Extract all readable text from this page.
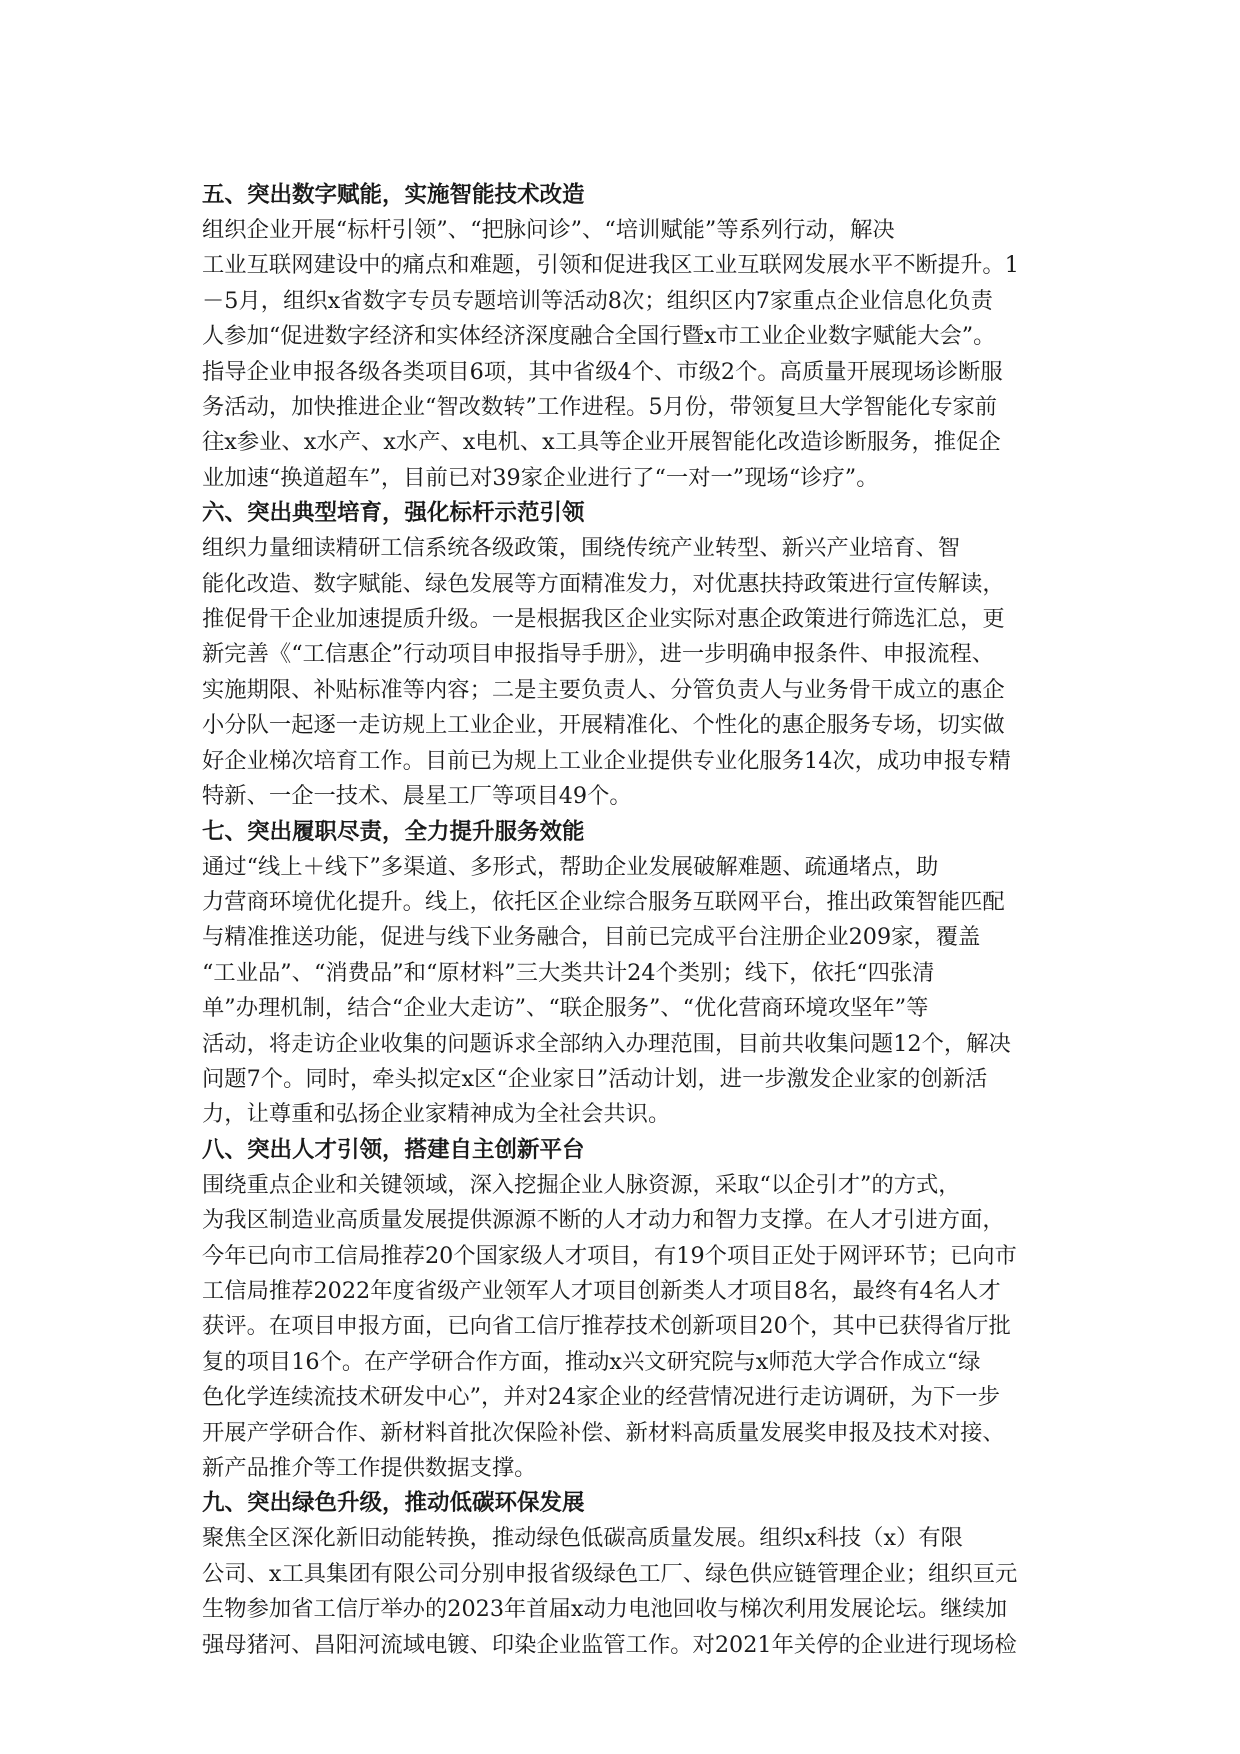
五、突出数字赋能，实施智能技术改造

组织企业开展“标杆引领”、“把脉问诊”、“培训赋能”等系列行动，解决
工业互联网建设中的痛点和难题，引领和促进我区工业互联网发展水平不断提升。1
－5月，组织x省数字专员专题培训等活动8次；组织区内7家重点企业信息化负责
人参加“促进数字经济和实体经济深度融合全国行暨x市工业企业数字赋能大会”。
指导企业申报各级各类项目6项，其中省级4个、市级2个。高质量开展现场诊断服
务活动，加快推进企业“智改数转”工作进程。5月份，带领复旦大学智能化专家前
往x参业、x水产、x水产、x电机、x工具等企业开展智能化改造诊断服务，推促企
业加速“换道超车”，目前已对39家企业进行了“一对一”现场“诊疗”。

六、突出典型培育，强化标杆示范引领

组织力量细读精研工信系统各级政策，围绕传统产业转型、新兴产业培育、智
能化改造、数字赋能、绿色发展等方面精准发力，对优惠扶持政策进行宣传解读，
推促骨干企业加速提质升级。一是根据我区企业实际对惠企政策进行筛选汇总，更
新完善《“工信惠企”行动项目申报指导手册》，进一步明确申报条件、申报流程、
实施期限、补贴标准等内容；二是主要负责人、分管负责人与业务骨干成立的惠企
小分队一起逐一走访规上工业企业，开展精准化、个性化的惠企服务专场，切实做
好企业梯次培育工作。目前已为规上工业企业提供专业化服务14次，成功申报专精
特新、一企一技术、晨星工厂等项目49个。

七、突出履职尽责，全力提升服务效能

通过“线上＋线下”多渠道、多形式，帮助企业发展破解难题、疏通堵点，助
力营商环境优化提升。线上，依托区企业综合服务互联网平台，推出政策智能匹配
与精准推送功能，促进与线下业务融合，目前已完成平台注册企业209家，覆盖
“工业品”、“消费品”和“原材料”三大类共计24个类别；线下，依托“四张清
单”办理机制，结合“企业大走访”、“联企服务”、“优化营商环境攻坚年”等
活动，将走访企业收集的问题诉求全部纳入办理范围，目前共收集问题12个，解决
问题7个。同时，牵头拟定x区“企业家日”活动计划，进一步激发企业家的创新活
力，让尊重和弘扬企业家精神成为全社会共识。

八、突出人才引领，搭建自主创新平台

围绕重点企业和关键领域，深入挖掘企业人脉资源，采取“以企引才”的方式，
为我区制造业高质量发展提供源源不断的人才动力和智力支撑。在人才引进方面，
今年已向市工信局推荐20个国家级人才项目，有19个项目正处于网评环节；已向市
工信局推荐2022年度省级产业领军人才项目创新类人才项目8名，最终有4名人才
获评。在项目申报方面，已向省工信厅推荐技术创新项目20个，其中已获得省厅批
复的项目16个。在产学研合作方面，推动x兴文研究院与x师范大学合作成立“绿
色化学连续流技术研发中心”，并对24家企业的经营情况进行走访调研，为下一步
开展产学研合作、新材料首批次保险补偿、新材料高质量发展奖申报及技术对接、
新产品推介等工作提供数据支撑。

九、突出绿色升级，推动低碳环保发展

聚焦全区深化新旧动能转换，推动绿色低碳高质量发展。组织x科技（x）有限
公司、x工具集团有限公司分别申报省级绿色工厂、绿色供应链管理企业；组织亘元
生物参加省工信厅举办的2023年首届x动力电池回收与梯次利用发展论坛。继续加
强母猪河、昌阳河流域电镀、印染企业监管工作。对2021年关停的企业进行现场检
